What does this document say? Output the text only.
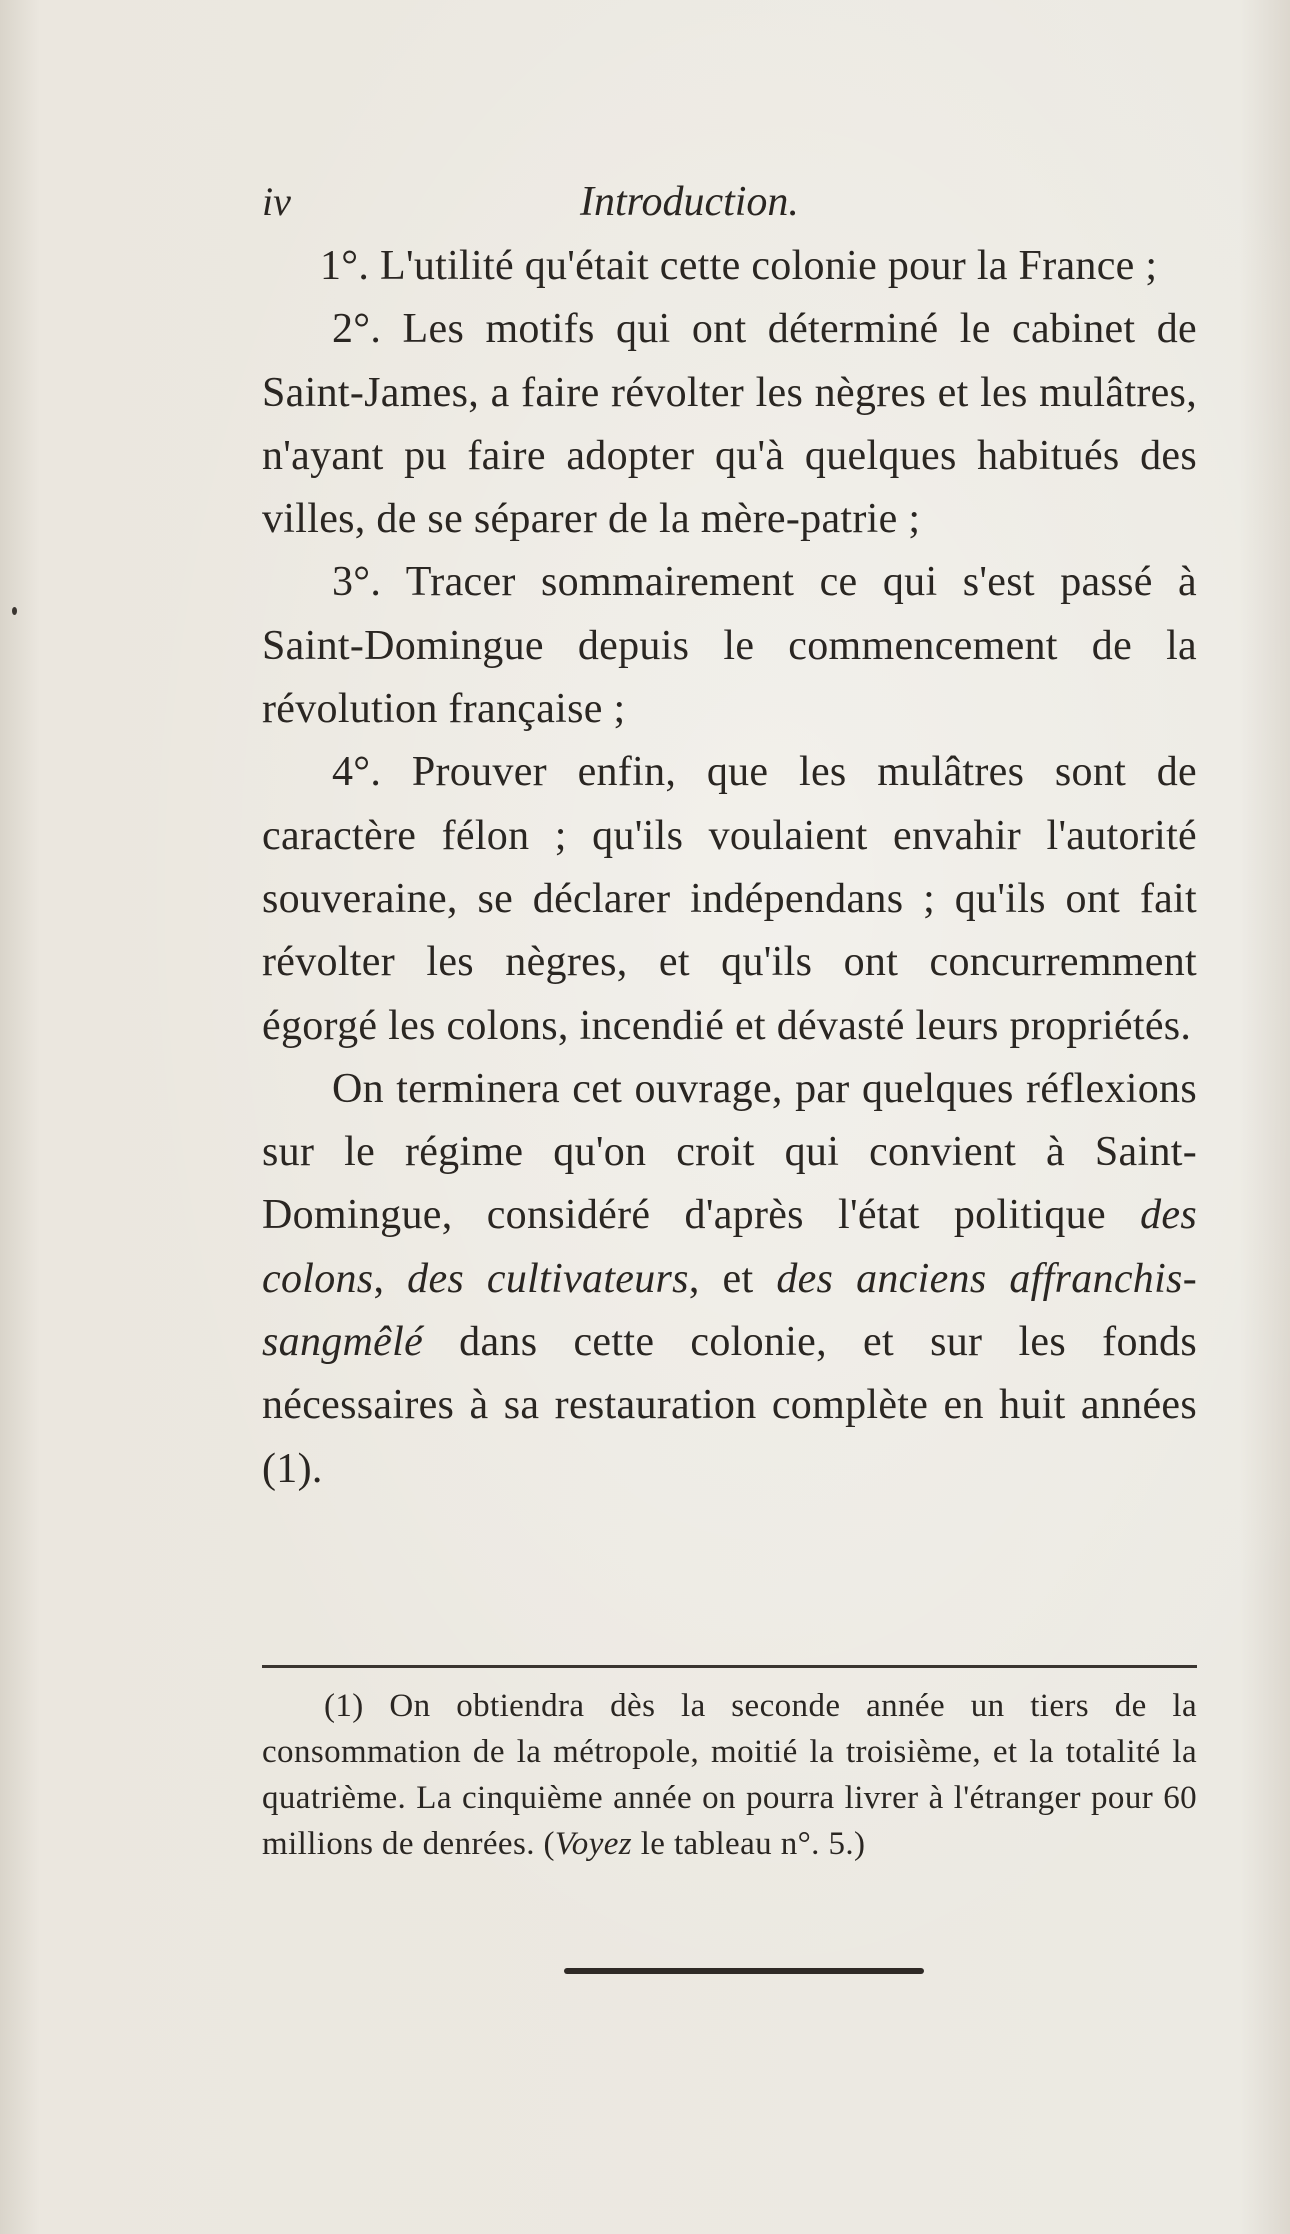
iv	Introduction.

1°. L'utilité qu'était cette colonie pour la France ;

2°. Les motifs qui ont déterminé le cabinet de Saint-James, a faire révolter les nègres et les mulâtres, n'ayant pu faire adopter qu'à quelques habitués des villes, de se séparer de la mère-patrie ;

3°. Tracer sommairement ce qui s'est passé à Saint-Domingue depuis le commencement de la révolution française ;

4°. Prouver enfin, que les mulâtres sont de caractère félon ; qu'ils voulaient envahir l'autorité souveraine, se déclarer indépendans ; qu'ils ont fait révolter les nègres, et qu'ils ont concurremment égorgé les colons, incendié et dévasté leurs propriétés.

On terminera cet ouvrage, par quelques réflexions sur le régime qu'on croit qui convient à Saint-Domingue, considéré d'après l'état politique des colons, des cultivateurs, et des anciens affranchis-sangmêlé dans cette colonie, et sur les fonds nécessaires à sa restauration complète en huit années (1).

(1) On obtiendra dès la seconde année un tiers de la consommation de la métropole, moitié la troisième, et la totalité la quatrième. La cinquième année on pourra livrer à l'étranger pour 60 millions de denrées. (Voyez le tableau n°. 5.)
